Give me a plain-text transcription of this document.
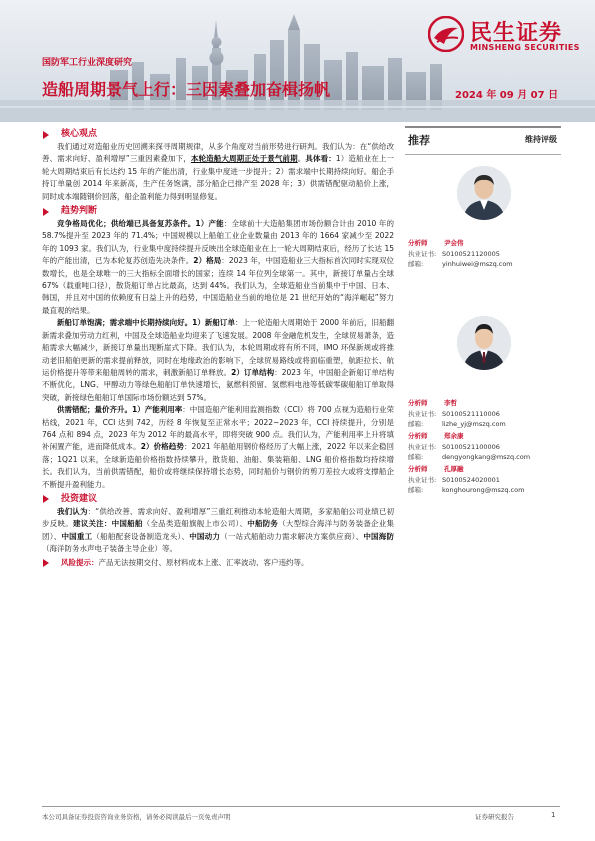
民生证券
MINSHENG SECURITIES
国防军工行业深度研究
造船周期景气上行：三因素叠加奋楫扬帆	2024 年 09 月 07 日
核心观点

我们通过对造船业历史回溯来探寻周期规律，从多个角度对当前形势进行研判。我们认为：在“供给改善、需求向好、盈利增厚”三重因素叠加下，本轮造船大周期正处于景气前期。具体看：1）造船业在上一轮大周期结束后有长达约 15 年的产能出清，行业集中度进一步提升；2）需求端中长期持续向好。船企手持订单量创 2014 年来新高，生产任务饱满，部分船企已排产至 2028 年；3）供需错配驱动船价上涨，同时成本端随钢价回落，船企盈利能力得到明显修复。

趋势判断

竞争格局优化；供给端已具备复苏条件。1）产能：全球前十大造船集团市场份额合计由 2010 年的 58.7%提升至 2023 年的 71.4%；中国规模以上船舶工业企业数量由 2013 年的 1664 家减少至 2022 年的 1093 家。我们认为，行业集中度持续提升反映出全球造船业在上一轮大周期结束后，经历了长达 15 年的产能出清，已为本轮复苏创造先决条件。2）格局：2023 年，中国造船业三大指标首次同时实现双位数增长，也是全球唯一的三大指标全面增长的国家；连续 14 年位列全球第一。其中，新接订单量占全球 67%（载重吨口径），散货船订单占比最高，达到 44%。我们认为，全球造船业当前集中于中国、日本、韩国，并且对中国的依赖度有日益上升的趋势，中国造船业当前的地位是 21 世纪开始的“海洋崛起”努力最直观的结果。

新船订单饱满；需求端中长期持续向好。1）新船订单：上一轮造船大周期始于 2000 年前后，旧船翻新需求叠加劳动力红利，中国及全球造船业均迎来了飞速发展。2008 年金融危机发生，全球贸易萧条，造船需求大幅减少，新接订单量出现断崖式下降。我们认为，本轮周期或将有所不同，IMO 环保新规或将推动老旧船舶更新的需求提前释放，同时在地缘政治的影响下，全球贸易路线或将面临重塑，航距拉长、航运价格提升等带来船舶周转的需求，刺激新船订单释放。2）订单结构：2023 年，中国船企新船订单结构不断优化，LNG、甲醇动力等绿色船舶订单快速增长，氨燃料预留、氢燃料电池等低碳零碳船舶订单取得突破，新接绿色船舶订单国际市场份额达到 57%。

供需错配；量价齐升。1）产能利用率：中国造船产能利用监测指数（CCI）将 700 点视为造船行业荣枯线，2021 年，CCI 达到 742，历经 8 年恢复至正常水平；2022~2023 年，CCI 持续提升，分别是 764 点和 894 点，2023 年为 2012 年的最高水平，即将突破 900 点。我们认为，产能利用率上升将填补闲置产能，进而降低成本。2）价格趋势：2021 年船舶用钢价格经历了大幅上涨，2022 年以来企稳回落；1Q21 以来，全球新造船价格指数持续攀升，散货船、油船、集装箱船、LNG 船价格指数均持续增长。我们认为，当前供需错配，船价或将继续保持增长态势，同时船价与钢价的剪刀差拉大或将支撑船企不断提升盈利能力。

投资建议

我们认为：“供给改善、需求向好、盈利增厚”三重红利推动本轮造船大周期，多家船舶公司业绩已初步反映。建议关注：中国船舶（全品类造船旗舰上市公司）、中船防务（大型综合海洋与防务装备企业集团）、中国重工（船舶配套设备制造龙头）、中国动力（一站式船舶动力需求解决方案供应商）、中国海防（海洋防务水声电子装备主导企业）等。

风险提示： 产品无法按期交付、原材料成本上涨、汇率波动、客户违约等。
推荐	维持评级
分析师	尹会伟
执业证书: S0100521120005
邮箱:	yinhuiwei@mszq.com
分析师	李哲
执业证书: S0100521110006
邮箱:	lizhe_yj@mszq.com
分析师	郑余康
执业证书: S0100521100006
邮箱:	dengyongkang@mszq.com
分析师	孔厚融
执业证书: S0100524020001
邮箱:	konghourong@mszq.com
本公司具备证券投资咨询业务资格，请务必阅读最后一页免责声明	证券研究报告	1
